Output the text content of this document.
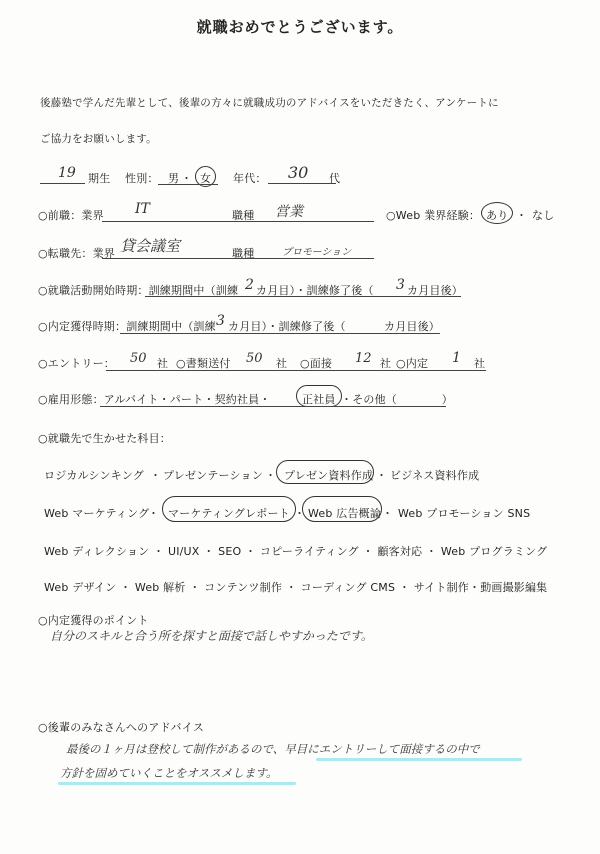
就職おめでとうございます。
後藤塾で学んだ先輩として、後輩の方々に就職成功のアドバイスをいただきたく、アンケートに
ご協力をお願いします。
19 期生 性別： 男 ・ 女 年代： 30 代
○前職：業界 IT	職種 営業	○Web 業界経験： あり ・ なし
○転職先：業界 貸会議室	職種	プロモーション
○就職活動開始時期：訓練期間中（訓練 2 カ月目）・訓練修了後（ 3 カ月目後）
○内定獲得時期：訓練期間中（訓練 3 カ月目）・訓練修了後（	カ月目後）
○エントリー： 50 社 ○書類送付 50 社 ○面接 12 社 ○内定 1 社
○雇用形態：アルバイト・パート・契約社員・	正社員 ・その他（　　　　）
○就職先で生かせた科目：
ロジカルシンキング ・ プレゼンテーション ・ プレゼン資料作成 ・ ビジネス資料作成
Web マーケティング
・ マーケティングレポート ・ Web 広告概論 ・ Web プロモーション SNS
Web ディレクション ・ UI/UX ・ SEO ・ コピーライティング ・ 顧客対応 ・ Web プログラミング
Web デザイン ・ Web 解析 ・ コンテンツ制作 ・ コーディング CMS ・ サイト制作・動画撮影編集
○内定獲得のポイント
自分のスキルと合う所を探すと面接で話しやすかったです。
○後輩のみなさんへのアドバイス
最後の１ヶ月は登校して制作があるので、早目にエントリーして面接するの中で
方針を固めていくことをオススメします。
